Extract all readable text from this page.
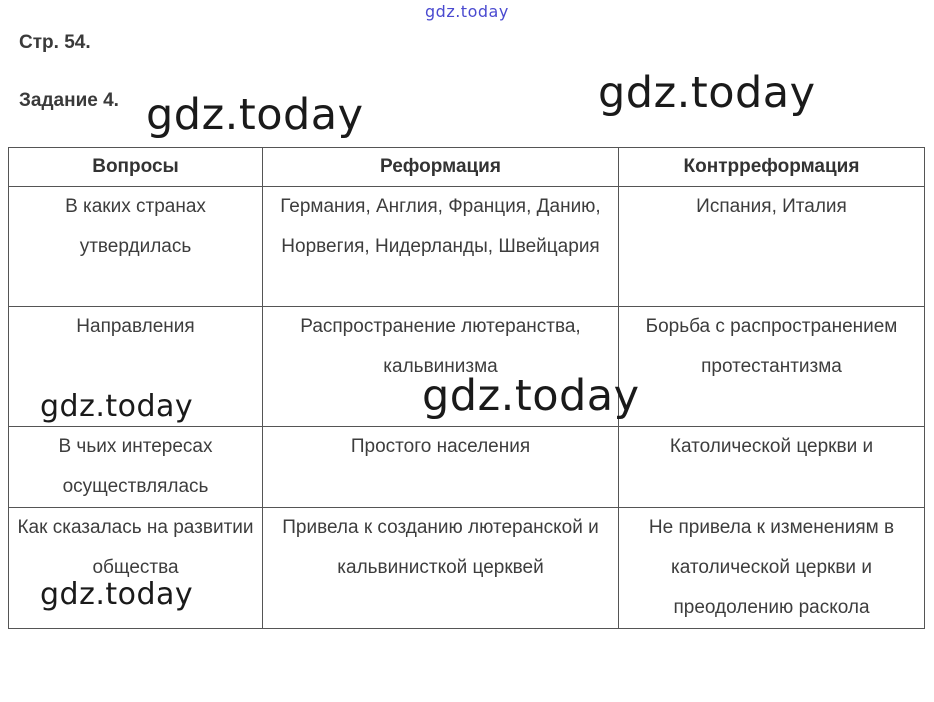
gdz.today
Стр. 54.
Задание 4.
Вопросы	Реформация	Контрреформация

В каких странах утвердилась	Германия, Англия, Франция, Данию, Норвегия, Нидерланды, Швейцария	Испания, Италия

Направления	Распространение лютеранства, кальвинизма	Борьба с распространением протестантизма

В чьих интересах осуществлялась	Простого населения	Католической церкви и

Как сказалась на развитии общества	Привела к созданию лютеранской и кальвинисткой церквей	Не привела к изменениям в католической церкви и преодолению раскола
gdz.today	gdz.today
gdz.today
gdz.today
gdz.today
